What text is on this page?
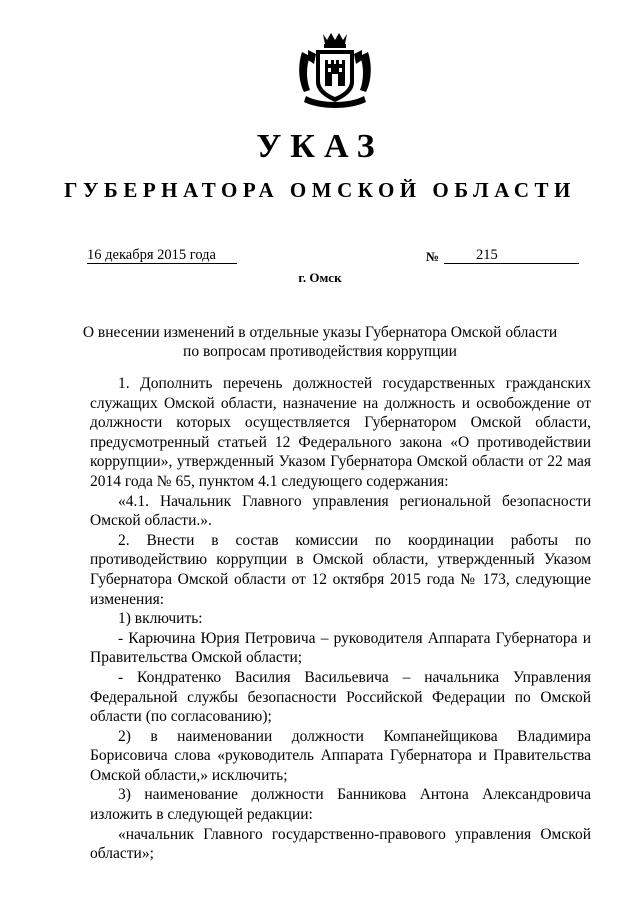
УКАЗ
ГУБЕРНАТОРА ОМСКОЙ ОБЛАСТИ
16 декабря 2015 года	№	215
г. Омск
О внесении изменений в отдельные указы Губернатора Омской области
по вопросам противодействия коррупции

1. Дополнить перечень должностей государственных гражданских служащих Омской области, назначение на должность и освобождение от должности которых осуществляется Губернатором Омской области, предусмотренный статьей 12 Федерального закона «О противодействии коррупции», утвержденный Указом Губернатора Омской области от 22 мая 2014 года № 65, пунктом 4.1 следующего содержания:

«4.1. Начальник Главного управления региональной безопасности Омской области.».

2. Внести в состав комиссии по координации работы по противодействию коррупции в Омской области, утвержденный Указом Губернатора Омской области от 12 октября 2015 года № 173, следующие изменения:

1) включить:

- Карючина Юрия Петровича – руководителя Аппарата Губернатора и Правительства Омской области;

- Кондратенко Василия Васильевича – начальника Управления Федеральной службы безопасности Российской Федерации по Омской области (по согласованию);

2) в наименовании должности Компанейщикова Владимира Борисовича слова «руководитель Аппарата Губернатора и Правительства Омской области,» исключить;

3) наименование должности Банникова Антона Александровича изложить в следующей редакции:

«начальник Главного государственно-правового управления Омской области»;
